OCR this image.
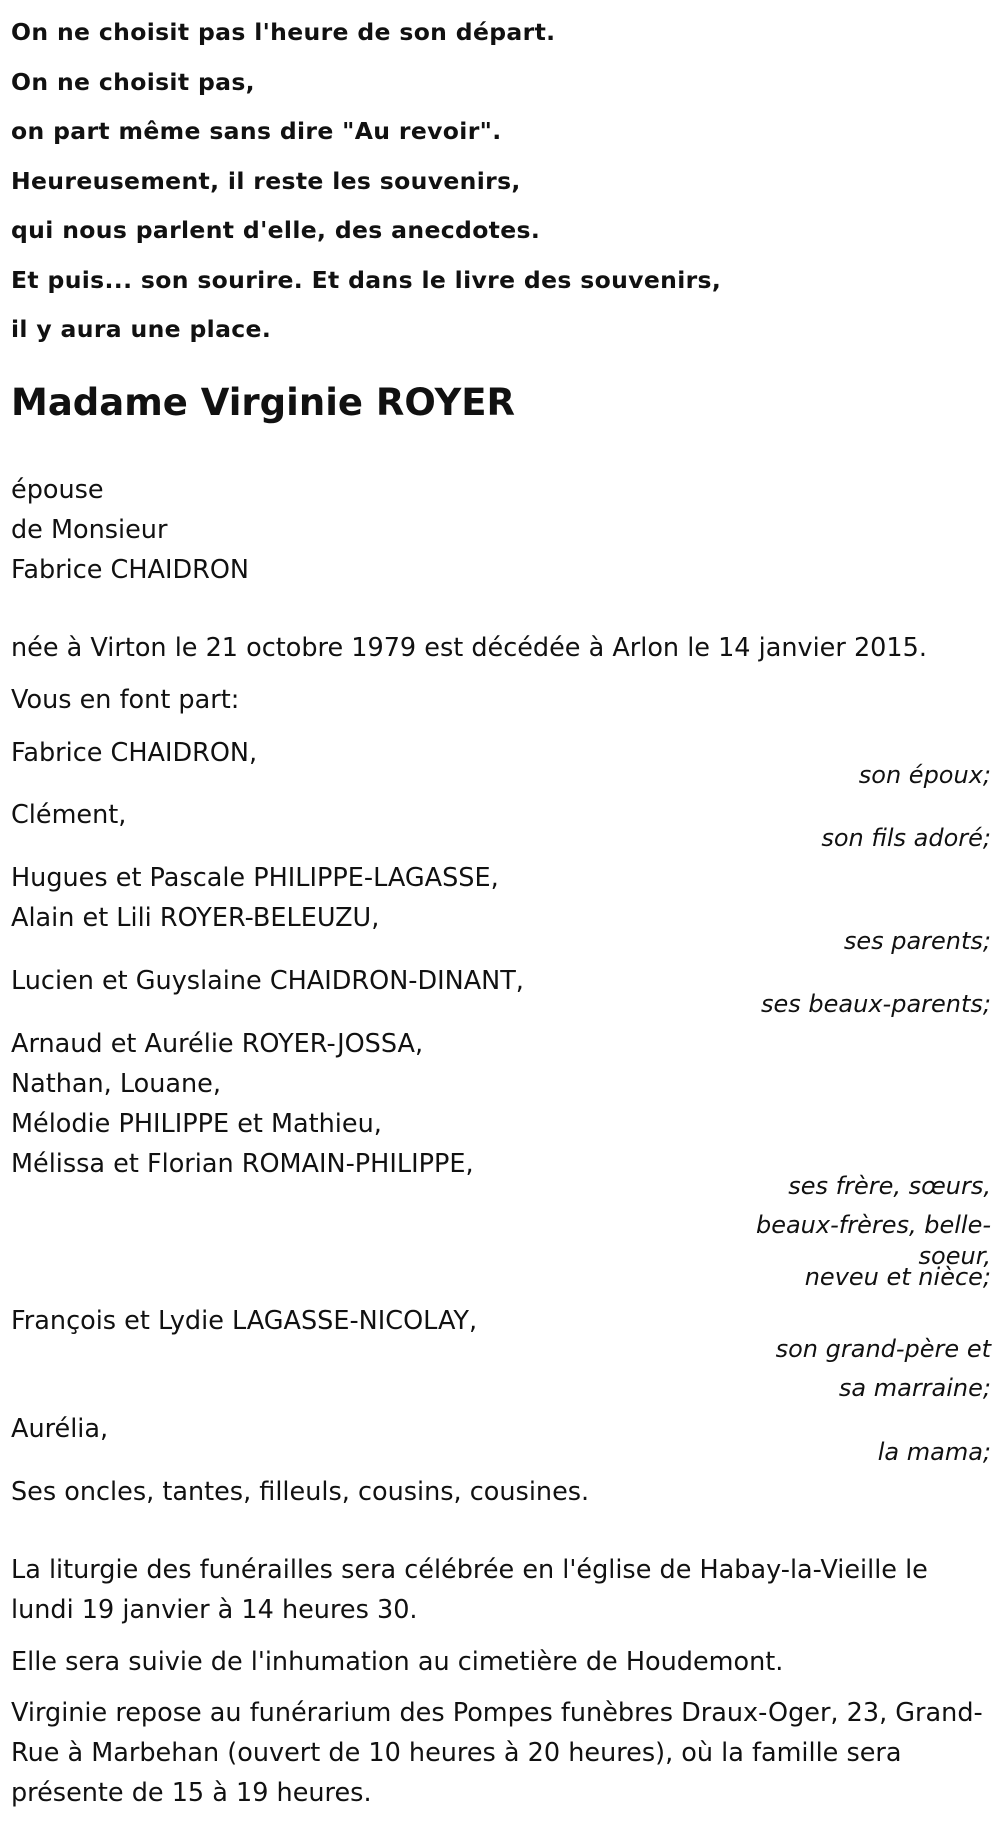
On ne choisit pas l'heure de son départ.
On ne choisit pas,
on part même sans dire "Au revoir".
Heureusement, il reste les souvenirs,
qui nous parlent d'elle, des anecdotes.
Et puis... son sourire. Et dans le livre des souvenirs,
il y aura une place.
Madame Virginie ROYER
épouse
de Monsieur
Fabrice CHAIDRON
née à Virton le 21 octobre 1979 est décédée à Arlon le 14 janvier 2015.
Vous en font part:
Fabrice CHAIDRON,
son époux;
Clément,
son fils adoré;
Hugues et Pascale PHILIPPE-LAGASSE,
Alain et Lili ROYER-BELEUZU,
ses parents;
Lucien et Guyslaine CHAIDRON-DINANT,
ses beaux-parents;
Arnaud et Aurélie ROYER-JOSSA,
Nathan, Louane,
Mélodie PHILIPPE et Mathieu,
Mélissa et Florian ROMAIN-PHILIPPE,
ses frère, sœurs,
beaux-frères, belle-
soeur,
neveu et nièce;
François et Lydie LAGASSE-NICOLAY,
son grand-père et
sa marraine;
Aurélia,
la mama;
Ses oncles, tantes, filleuls, cousins, cousines.
La liturgie des funérailles sera célébrée en l'église de Habay-la-Vieille le lundi 19 janvier à 14 heures 30.
Elle sera suivie de l'inhumation au cimetière de Houdemont.
Virginie repose au funérarium des Pompes funèbres Draux-Oger, 23, Grand-Rue à Marbehan (ouvert de 10 heures à 20 heures), où la famille sera présente de 15 à 19 heures.
